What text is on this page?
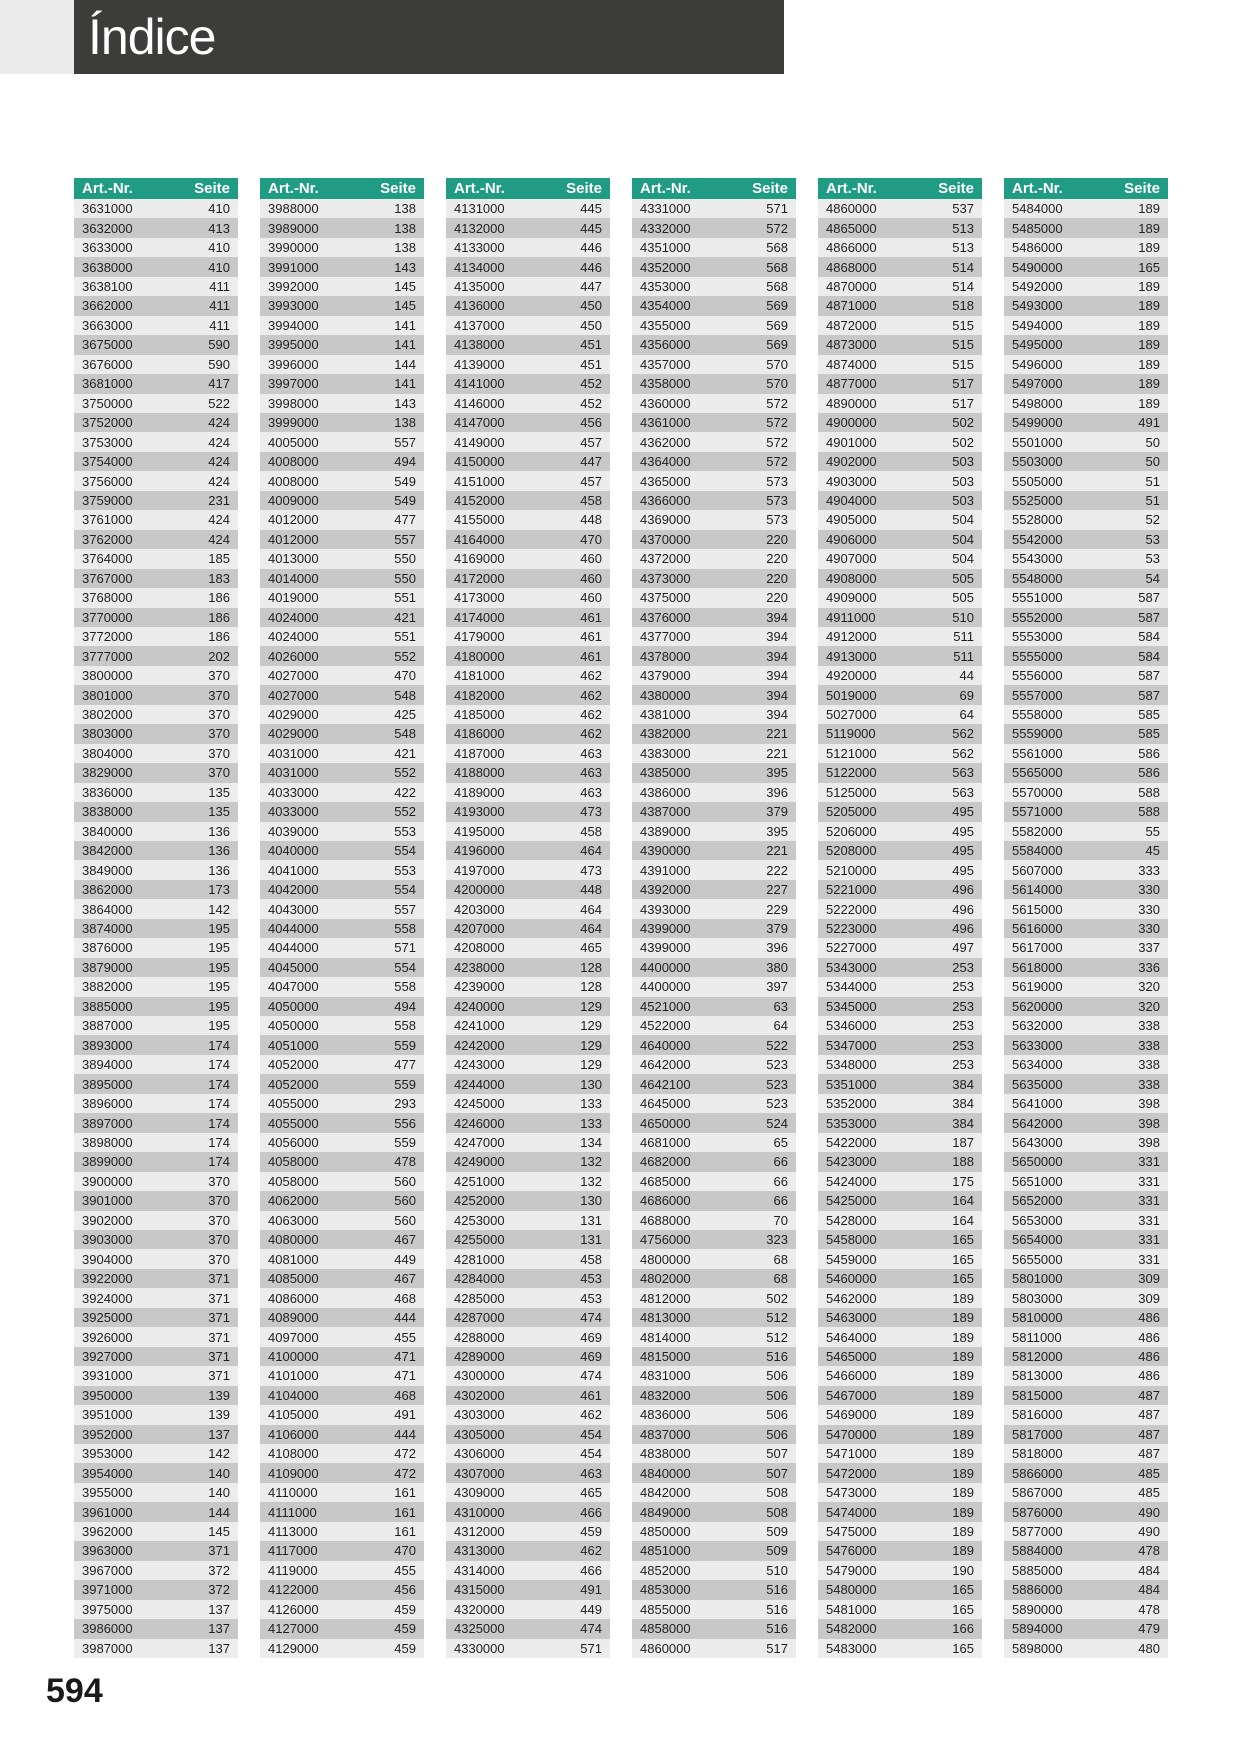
Índice
Art.-Nr.	Seite
3631000	410
3632000	413
3633000	410
3638000	410
3638100	411
3662000	411
3663000	411
3675000	590
3676000	590
3681000	417
3750000	522
3752000	424
3753000	424
3754000	424
3756000	424
3759000	231
3761000	424
3762000	424
3764000	185
3767000	183
3768000	186
3770000	186
3772000	186
3777000	202
3800000	370
3801000	370
3802000	370
3803000	370
3804000	370
3829000	370
3836000	135
3838000	135
3840000	136
3842000	136
3849000	136
3862000	173
3864000	142
3874000	195
3876000	195
3879000	195
3882000	195
3885000	195
3887000	195
3893000	174
3894000	174
3895000	174
3896000	174
3897000	174
3898000	174
3899000	174
3900000	370
3901000	370
3902000	370
3903000	370
3904000	370
3922000	371
3924000	371
3925000	371
3926000	371
3927000	371
3931000	371
3950000	139
3951000	139
3952000	137
3953000	142
3954000	140
3955000	140
3961000	144
3962000	145
3963000	371
3967000	372
3971000	372
3975000	137
3986000	137
3987000	137
Art.-Nr.	Seite
3988000	138
3989000	138
3990000	138
3991000	143
3992000	145
3993000	145
3994000	141
3995000	141
3996000	144
3997000	141
3998000	143
3999000	138
4005000	557
4008000	494
4008000	549
4009000	549
4012000	477
4012000	557
4013000	550
4014000	550
4019000	551
4024000	421
4024000	551
4026000	552
4027000	470
4027000	548
4029000	425
4029000	548
4031000	421
4031000	552
4033000	422
4033000	552
4039000	553
4040000	554
4041000	553
4042000	554
4043000	557
4044000	558
4044000	571
4045000	554
4047000	558
4050000	494
4050000	558
4051000	559
4052000	477
4052000	559
4055000	293
4055000	556
4056000	559
4058000	478
4058000	560
4062000	560
4063000	560
4080000	467
4081000	449
4085000	467
4086000	468
4089000	444
4097000	455
4100000	471
4101000	471
4104000	468
4105000	491
4106000	444
4108000	472
4109000	472
4110000	161
4111000	161
4113000	161
4117000	470
4119000	455
4122000	456
4126000	459
4127000	459
4129000	459
Art.-Nr.	Seite
4131000	445
4132000	445
4133000	446
4134000	446
4135000	447
4136000	450
4137000	450
4138000	451
4139000	451
4141000	452
4146000	452
4147000	456
4149000	457
4150000	447
4151000	457
4152000	458
4155000	448
4164000	470
4169000	460
4172000	460
4173000	460
4174000	461
4179000	461
4180000	461
4181000	462
4182000	462
4185000	462
4186000	462
4187000	463
4188000	463
4189000	463
4193000	473
4195000	458
4196000	464
4197000	473
4200000	448
4203000	464
4207000	464
4208000	465
4238000	128
4239000	128
4240000	129
4241000	129
4242000	129
4243000	129
4244000	130
4245000	133
4246000	133
4247000	134
4249000	132
4251000	132
4252000	130
4253000	131
4255000	131
4281000	458
4284000	453
4285000	453
4287000	474
4288000	469
4289000	469
4300000	474
4302000	461
4303000	462
4305000	454
4306000	454
4307000	463
4309000	465
4310000	466
4312000	459
4313000	462
4314000	466
4315000	491
4320000	449
4325000	474
4330000	571
Art.-Nr.	Seite
4331000	571
4332000	572
4351000	568
4352000	568
4353000	568
4354000	569
4355000	569
4356000	569
4357000	570
4358000	570
4360000	572
4361000	572
4362000	572
4364000	572
4365000	573
4366000	573
4369000	573
4370000	220
4372000	220
4373000	220
4375000	220
4376000	394
4377000	394
4378000	394
4379000	394
4380000	394
4381000	394
4382000	221
4383000	221
4385000	395
4386000	396
4387000	379
4389000	395
4390000	221
4391000	222
4392000	227
4393000	229
4399000	379
4399000	396
4400000	380
4400000	397
4521000	63
4522000	64
4640000	522
4642000	523
4642100	523
4645000	523
4650000	524
4681000	65
4682000	66
4685000	66
4686000	66
4688000	70
4756000	323
4800000	68
4802000	68
4812000	502
4813000	512
4814000	512
4815000	516
4831000	506
4832000	506
4836000	506
4837000	506
4838000	507
4840000	507
4842000	508
4849000	508
4850000	509
4851000	509
4852000	510
4853000	516
4855000	516
4858000	516
4860000	517
Art.-Nr.	Seite
4860000	537
4865000	513
4866000	513
4868000	514
4870000	514
4871000	518
4872000	515
4873000	515
4874000	515
4877000	517
4890000	517
4900000	502
4901000	502
4902000	503
4903000	503
4904000	503
4905000	504
4906000	504
4907000	504
4908000	505
4909000	505
4911000	510
4912000	511
4913000	511
4920000	44
5019000	69
5027000	64
5119000	562
5121000	562
5122000	563
5125000	563
5205000	495
5206000	495
5208000	495
5210000	495
5221000	496
5222000	496
5223000	496
5227000	497
5343000	253
5344000	253
5345000	253
5346000	253
5347000	253
5348000	253
5351000	384
5352000	384
5353000	384
5422000	187
5423000	188
5424000	175
5425000	164
5428000	164
5458000	165
5459000	165
5460000	165
5462000	189
5463000	189
5464000	189
5465000	189
5466000	189
5467000	189
5469000	189
5470000	189
5471000	189
5472000	189
5473000	189
5474000	189
5475000	189
5476000	189
5479000	190
5480000	165
5481000	165
5482000	166
5483000	165
Art.-Nr.	Seite
5484000	189
5485000	189
5486000	189
5490000	165
5492000	189
5493000	189
5494000	189
5495000	189
5496000	189
5497000	189
5498000	189
5499000	491
5501000	50
5503000	50
5505000	51
5525000	51
5528000	52
5542000	53
5543000	53
5548000	54
5551000	587
5552000	587
5553000	584
5555000	584
5556000	587
5557000	587
5558000	585
5559000	585
5561000	586
5565000	586
5570000	588
5571000	588
5582000	55
5584000	45
5607000	333
5614000	330
5615000	330
5616000	330
5617000	337
5618000	336
5619000	320
5620000	320
5632000	338
5633000	338
5634000	338
5635000	338
5641000	398
5642000	398
5643000	398
5650000	331
5651000	331
5652000	331
5653000	331
5654000	331
5655000	331
5801000	309
5803000	309
5810000	486
5811000	486
5812000	486
5813000	486
5815000	487
5816000	487
5817000	487
5818000	487
5866000	485
5867000	485
5876000	490
5877000	490
5884000	478
5885000	484
5886000	484
5890000	478
5894000	479
5898000	480
594
